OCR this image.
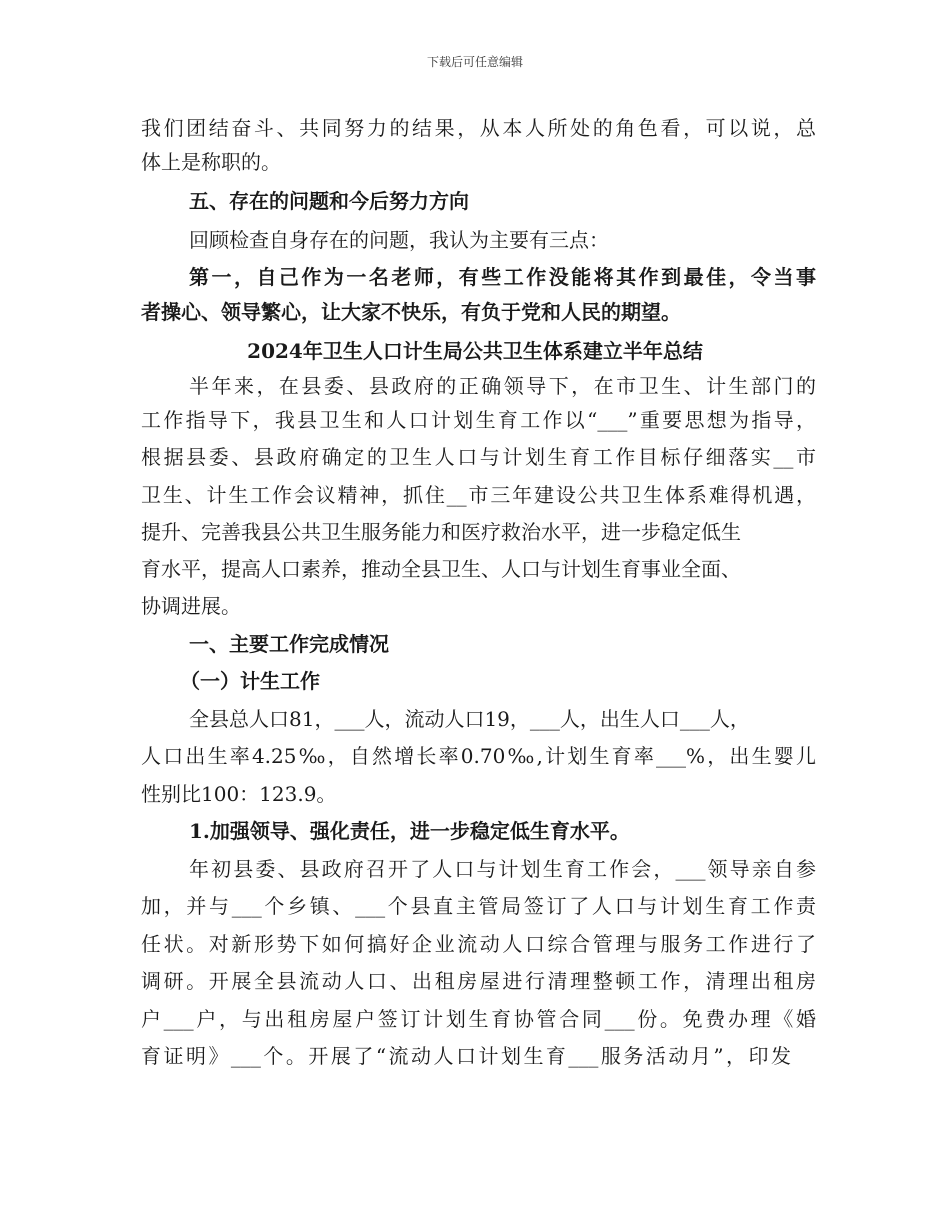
下载后可任意编辑
我们团结奋斗、共同努力的结果，从本人所处的角色看，可以说，总
体上是称职的。
五、存在的问题和今后努力方向
回顾检查自身存在的问题，我认为主要有三点：
第一，自己作为一名老师，有些工作没能将其作到最佳，令当事
者操心、领导繁心，让大家不快乐，有负于党和人民的期望。
2024年卫生人口计生局公共卫生体系建立半年总结
半年来，在县委、县政府的正确领导下，在市卫生、计生部门的
工作指导下，我县卫生和人口计划生育工作以“___”重要思想为指导，
根据县委、县政府确定的卫生人口与计划生育工作目标仔细落实__市
卫生、计生工作会议精神，抓住__市三年建设公共卫生体系难得机遇，
提升、完善我县公共卫生服务能力和医疗救治水平，进一步稳定低生
育水平，提高人口素养，推动全县卫生、人口与计划生育事业全面、
协调进展。
一、主要工作完成情况
（一）计生工作
全县总人口81，___人，流动人口19，___人，出生人口___人，
人口出生率4.25‰，自然增长率0.70‰,计划生育率___%，出生婴儿
性别比100：123.9。
1.加强领导、强化责任，进一步稳定低生育水平。
年初县委、县政府召开了人口与计划生育工作会，___领导亲自参
加，并与___个乡镇、___个县直主管局签订了人口与计划生育工作责
任状。对新形势下如何搞好企业流动人口综合管理与服务工作进行了
调研。开展全县流动人口、出租房屋进行清理整顿工作，清理出租房
户___户，与出租房屋户签订计划生育协管合同___份。免费办理《婚
育证明》___个。开展了“流动人口计划生育___服务活动月”，印发
